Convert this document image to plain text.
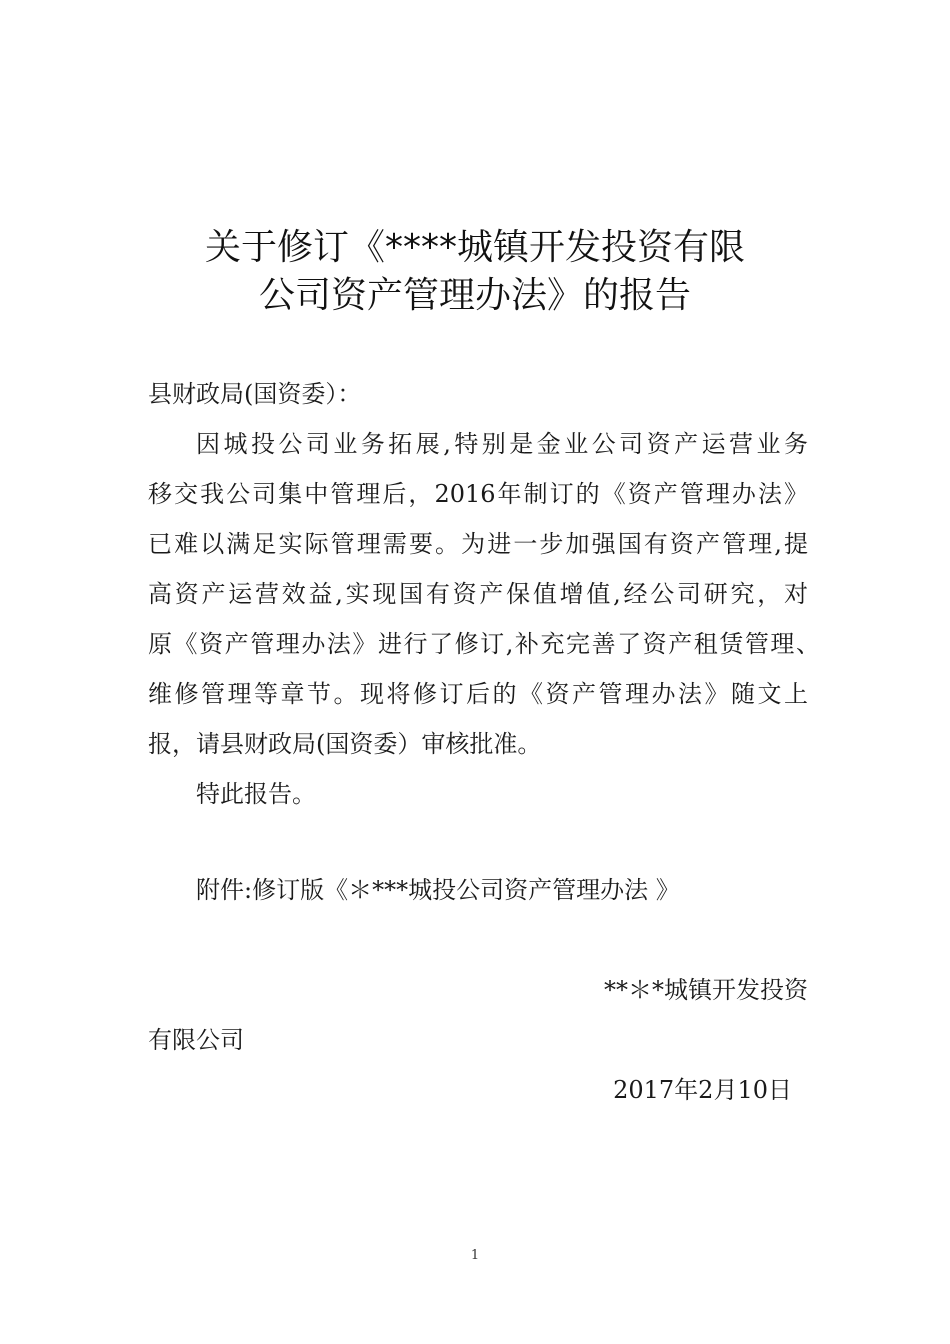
关于修订《****城镇开发投资有限
公司资产管理办法》的报告
县财政局(国资委）：
因城投公司业务拓展,特别是金业公司资产运营业务
移交我公司集中管理后，2016年制订的《资产管理办法》
已难以满足实际管理需要。为进一步加强国有资产管理,提
高资产运营效益,实现国有资产保值增值,经公司研究，对
原《资产管理办法》进行了修订,补充完善了资产租赁管理、
维修管理等章节。现将修订后的《资产管理办法》随文上
报，请县财政局(国资委）审核批准。
特此报告。
附件:修订版《＊***城投公司资产管理办法 》
**＊*城镇开发投资
有限公司
2017年2月10日
1
